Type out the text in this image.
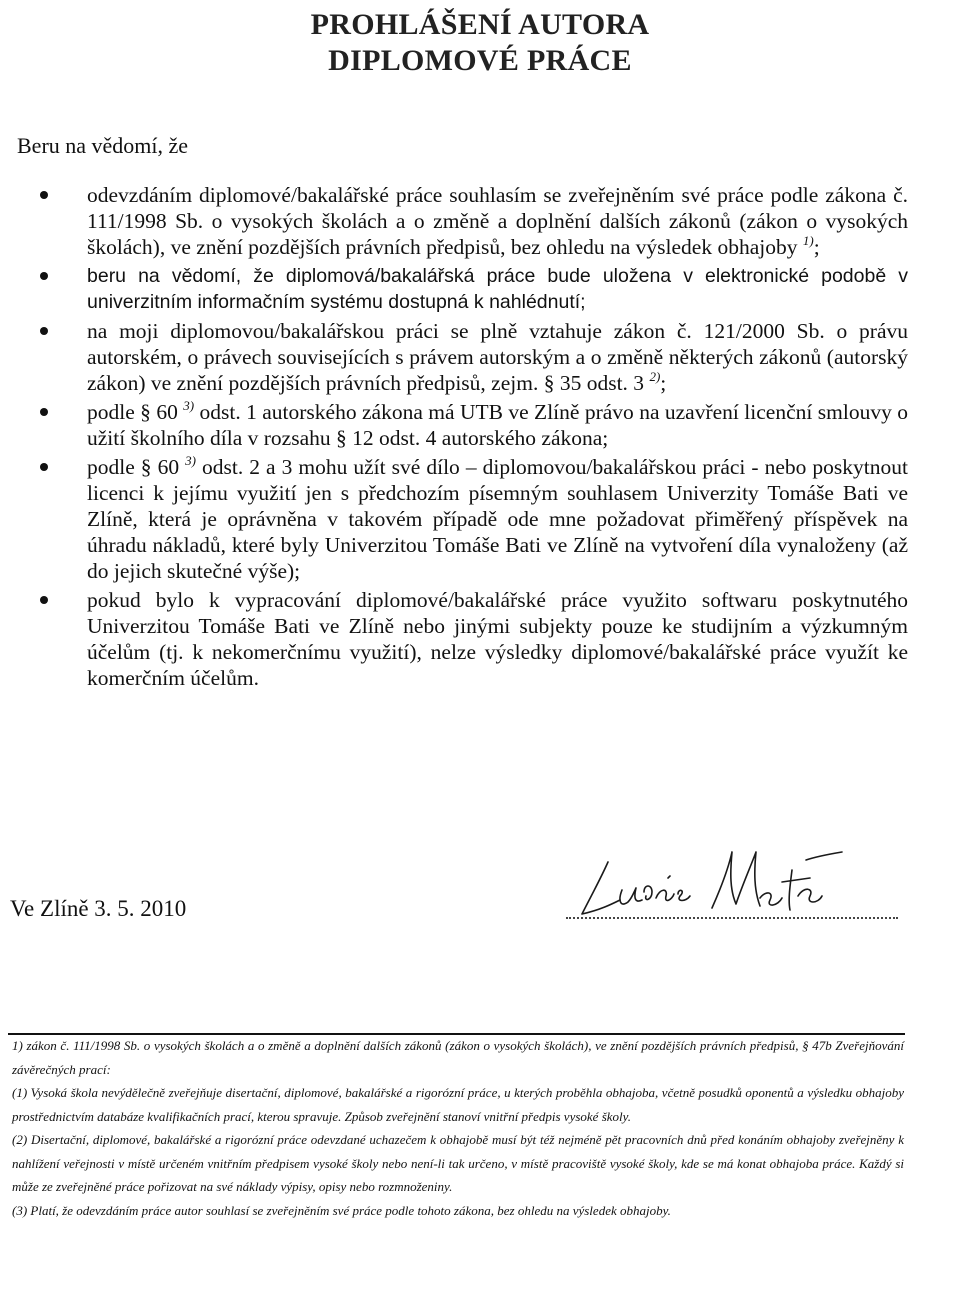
PROHLÁŠENÍ AUTORA
DIPLOMOVÉ PRÁCE
Beru na vědomí, že
odevzdáním diplomové/bakalářské práce souhlasím se zveřejněním své práce podle zákona č. 111/1998 Sb. o vysokých školách a o změně a doplnění dalších zákonů (zákon o vysokých školách), ve znění pozdějších právních předpisů, bez ohledu na výsledek obhajoby $^{1)}$;
beru na vědomí, že diplomová/bakalářská práce bude uložena v elektronické podobě v univerzitním informačním systému dostupná k nahlédnutí;
na moji diplomovou/bakalářskou práci se plně vztahuje zákon č. 121/2000 Sb. o právu autorském, o právech souvisejících s právem autorským a o změně některých zákonů (autorský zákon) ve znění pozdějších právních předpisů, zejm. § 35 odst. 3 $^{2)}$;
podle § 60 $^{3)}$ odst. 1 autorského zákona má UTB ve Zlíně právo na uzavření licenční smlouvy o užití školního díla v rozsahu § 12 odst. 4 autorského zákona;
podle § 60 $^{3)}$ odst. 2 a 3 mohu užít své dílo – diplomovou/bakalářskou práci - nebo poskytnout licenci k jejímu využití jen s předchozím písemným souhlasem Univerzity Tomáše Bati ve Zlíně, která je oprávněna v takovém případě ode mne požadovat přiměřený příspěvek na úhradu nákladů, které byly Univerzitou Tomáše Bati ve Zlíně na vytvoření díla vynaloženy (až do jejich skutečné výše);
pokud bylo k vypracování diplomové/bakalářské práce využito softwaru poskytnutého Univerzitou Tomáše Bati ve Zlíně nebo jinými subjekty pouze ke studijním a výzkumným účelům (tj. k nekomerčnímu využití), nelze výsledky diplomové/bakalářské práce využít ke komerčním účelům.
Ve Zlíně 3. 5. 2010

1) zákon č. 111/1998 Sb. o vysokých školách a o změně a doplnění dalších zákonů (zákon o vysokých školách), ve znění pozdějších právních předpisů, § 47b Zveřejňování závěrečných prací:

(1) Vysoká škola nevýdělečně zveřejňuje disertační, diplomové, bakalářské a rigorózní práce, u kterých proběhla obhajoba, včetně posudků oponentů a výsledku obhajoby prostřednictvím databáze kvalifikačních prací, kterou spravuje. Způsob zveřejnění stanoví vnitřní předpis vysoké školy.

(2) Disertační, diplomové, bakalářské a rigorózní práce odevzdané uchazečem k obhajobě musí být též nejméně pět pracovních dnů před konáním obhajoby zveřejněny k nahlížení veřejnosti v místě určeném vnitřním předpisem vysoké školy nebo není-li tak určeno, v místě pracoviště vysoké školy, kde se má konat obhajoba práce. Každý si může ze zveřejněné práce pořizovat na své náklady výpisy, opisy nebo rozmnoženiny.

(3) Platí, že odevzdáním práce autor souhlasí se zveřejněním své práce podle tohoto zákona, bez ohledu na výsledek obhajoby.
